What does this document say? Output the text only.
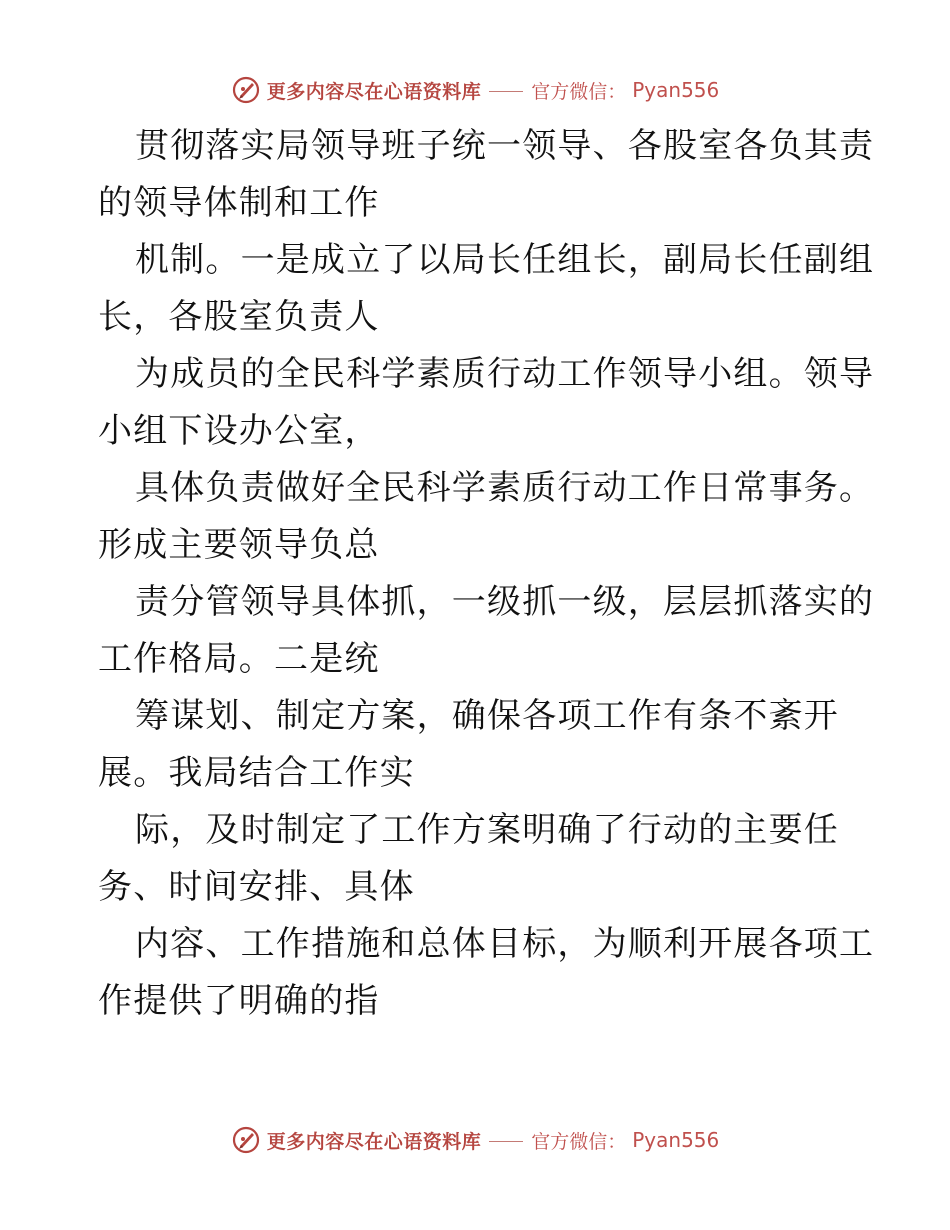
更多内容尽在心语资料库	官方微信： Pyan556
贯彻落实局领导班子统一领导、各股室各负其责
的领导体制和工作
机制。一是成立了以局长任组长，副局长任副组
长，各股室负责人
为成员的全民科学素质行动工作领导小组。领导
小组下设办公室，
具体负责做好全民科学素质行动工作日常事务。
形成主要领导负总
责分管领导具体抓，一级抓一级，层层抓落实的
工作格局。二是统
筹谋划、制定方案，确保各项工作有条不紊开
展。我局结合工作实
际，及时制定了工作方案明确了行动的主要任
务、时间安排、具体
内容、工作措施和总体目标，为顺利开展各项工
作提供了明确的指
更多内容尽在心语资料库	官方微信： Pyan556
